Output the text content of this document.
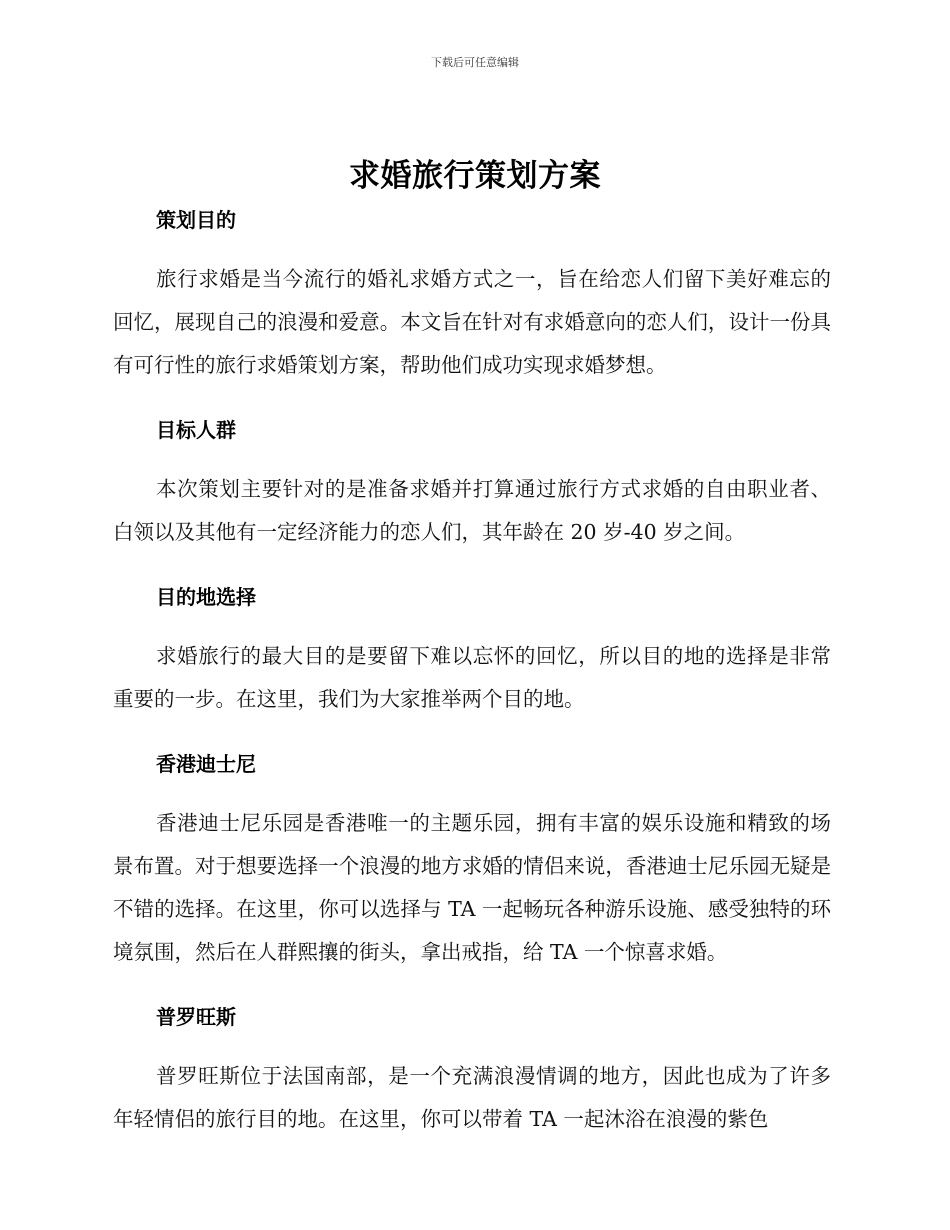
下载后可任意编辑
求婚旅行策划方案
策划目的

旅行求婚是当今流行的婚礼求婚方式之一，旨在给恋人们留下美好难忘的回忆，展现自己的浪漫和爱意。本文旨在针对有求婚意向的恋人们，设计一份具有可行性的旅行求婚策划方案，帮助他们成功实现求婚梦想。

目标人群

本次策划主要针对的是准备求婚并打算通过旅行方式求婚的自由职业者、白领以及其他有一定经济能力的恋人们，其年龄在 20 岁-40 岁之间。

目的地选择

求婚旅行的最大目的是要留下难以忘怀的回忆，所以目的地的选择是非常重要的一步。在这里，我们为大家推举两个目的地。

香港迪士尼

香港迪士尼乐园是香港唯一的主题乐园，拥有丰富的娱乐设施和精致的场景布置。对于想要选择一个浪漫的地方求婚的情侣来说，香港迪士尼乐园无疑是不错的选择。在这里，你可以选择与 TA 一起畅玩各种游乐设施、感受独特的环境氛围，然后在人群熙攘的街头，拿出戒指，给 TA 一个惊喜求婚。

普罗旺斯

普罗旺斯位于法国南部，是一个充满浪漫情调的地方，因此也成为了许多年轻情侣的旅行目的地。在这里，你可以带着 TA 一起沐浴在浪漫的紫色
